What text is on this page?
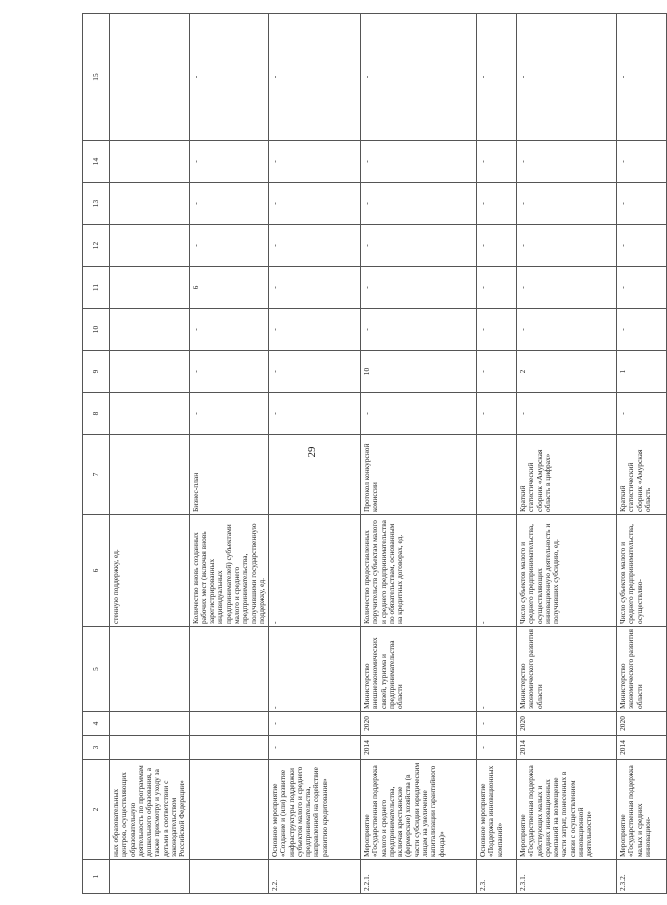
29
1	2	3	4	5	6	7	8	9	10	11	12	13	14	15
	ных образовательных центров, осуществляющих образовательную деятельность по программам дошкольного образования, а также присмотру и уходу за детьми в соответствии с законодательством Российской Федерации»				стенную поддержку, ед.									
					Количество вновь созданных рабочих мест (включая вновь зарегистрированных индивидуальных предпринимателей) субъектами малого и среднего предпринимательства, получившими государственную поддержку, ед.	Бизнес-план	-	-	-	6	-	-	-	-
2.2.	Основное мероприятие «Создание и (или) развитие инфраструктуры поддержки субъектов малого и среднего предпринимательства, направленной на содействие развитию кредитования»	-	-	-	-		-	-	-	-	-	-	-	-
2.2.1.	Мероприятие «Государственная поддержка малого и среднего предпринимательства, включая крестьянские (фермерские) хозяйства (в части субсидии юридическим лицам на увеличение капитализации гарантийного фонда)»	2014	2020	Министерство внешнеэкономических связей, туризма и предпринимательства области	Количество предоставленных поручительств субъектам малого и среднего предпринимательства по обязательствам, основанным на кредитных договорах, ед.	Протокол конкурсной комиссии	-	10	-	-	-	-	-	-
2.3.	Основное мероприятие «Поддержка инновационных компаний»	-	-	-	-		-	-	-	-	-	-	-	-
2.3.1.	Мероприятие «Государственная поддержка действующих малых и средних инновационных компаний на возмещение части затрат, понесенных в связи с осуществлением инновационной деятельности»	2014	2020	Министерство экономического развития области	Число субъектов малого и среднего предпринимательства, осуществляющих инновационную деятельность и получивших субсидию, ед.	Краткий статистический сборник «Амурская область в цифрах»	-	2	-	-	-	-	-	-
2.3.2.	Мероприятие «Государственная поддержка малых и средних инновацион-	2014	2020	Министерство экономического развития области	Число субъектов малого и среднего предпринимательства, осуществляю-	Краткий статистический сборник «Амурская область	-	1	-	-	-	-	-	-
